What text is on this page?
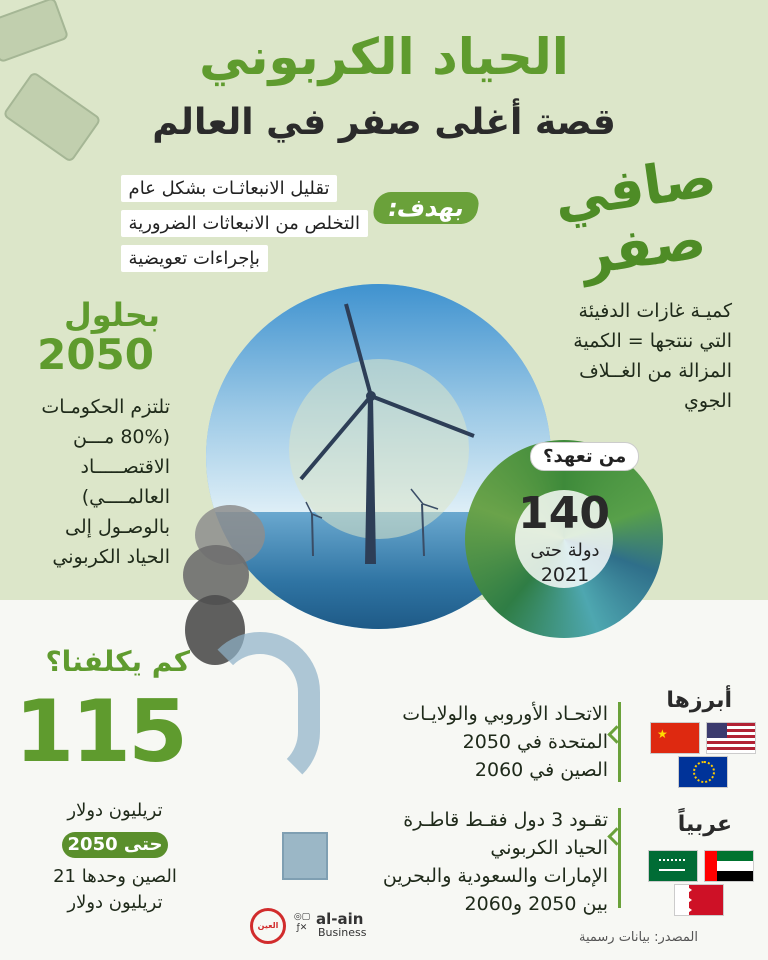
الحياد الكربوني
قصة أغلى صفر في العالم
بهدف:
تقليل الانبعاثـات بشكل عام
التخلص من الانبعاثات الضرورية
بإجراءات تعويضية
صافي
صفر
كميـة غازات الدفيئة
التي ننتجها = الكمية
المزالة من الغــلاف
الجوي
بحلول
2050
تلتزم الحكومـات
(80% مـــن
الاقتصـــــاد
العالمــــي)
بالوصـول إلى
الحياد الكربوني
من تعهد؟
140
دولة حتى
2021
كم يكلفنا؟
115
تريليون دولار
حتى 2050
الصين وحدها 21
تريليون دولار
الاتحـاد الأوروبي والولايـات
المتحدة في 2050
الصين في 2060
أبرزها
★
تقـود 3 دول فقـط قاطـرة
الحياد الكربوني
الإمارات والسعودية والبحرين
بين 2050 و2060
عربياً
العين
◎▢
ƒ✕ al-ain
Business	المصدر: بيانات رسمية
